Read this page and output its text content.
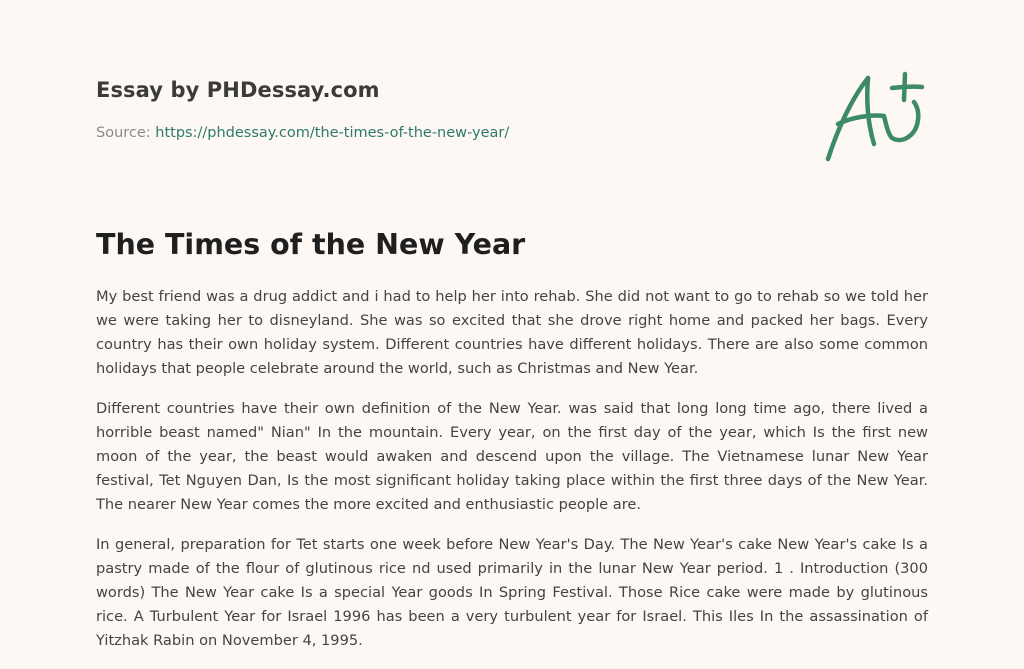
Essay by PHDessay.com
Source: https://phdessay.com/the-times-of-the-new-year/
The Times of the New Year

My best friend was a drug addict and i had to help her into rehab. She did not want to go to rehab so we told her we were taking her to disneyland. She was so excited that she drove right home and packed her bags. Every country has their own holiday system. Different countries have different holidays. There are also some common holidays that people celebrate around the world, such as Christmas and New Year.

Different countries have their own definition of the New Year. was said that long long time ago, there lived a horrible beast named" Nian" In the mountain. Every year, on the first day of the year, which Is the first new moon of the year, the beast would awaken and descend upon the village. The Vietnamese lunar New Year festival, Tet Nguyen Dan, Is the most significant holiday taking place within the first three days of the New Year. The nearer New Year comes the more excited and enthusiastic people are.

In general, preparation for Tet starts one week before New Year's Day. The New Year's cake New Year's cake Is a pastry made of the flour of glutinous rice nd used primarily in the lunar New Year period. 1 . Introduction (300 words) The New Year cake Is a special Year goods In Spring Festival. Those Rice cake were made by glutinous rice. A Turbulent Year for Israel 1996 has been a very turbulent year for Israel. This Iles In the assassination of Yitzhak Rabin on November 4, 1995.
